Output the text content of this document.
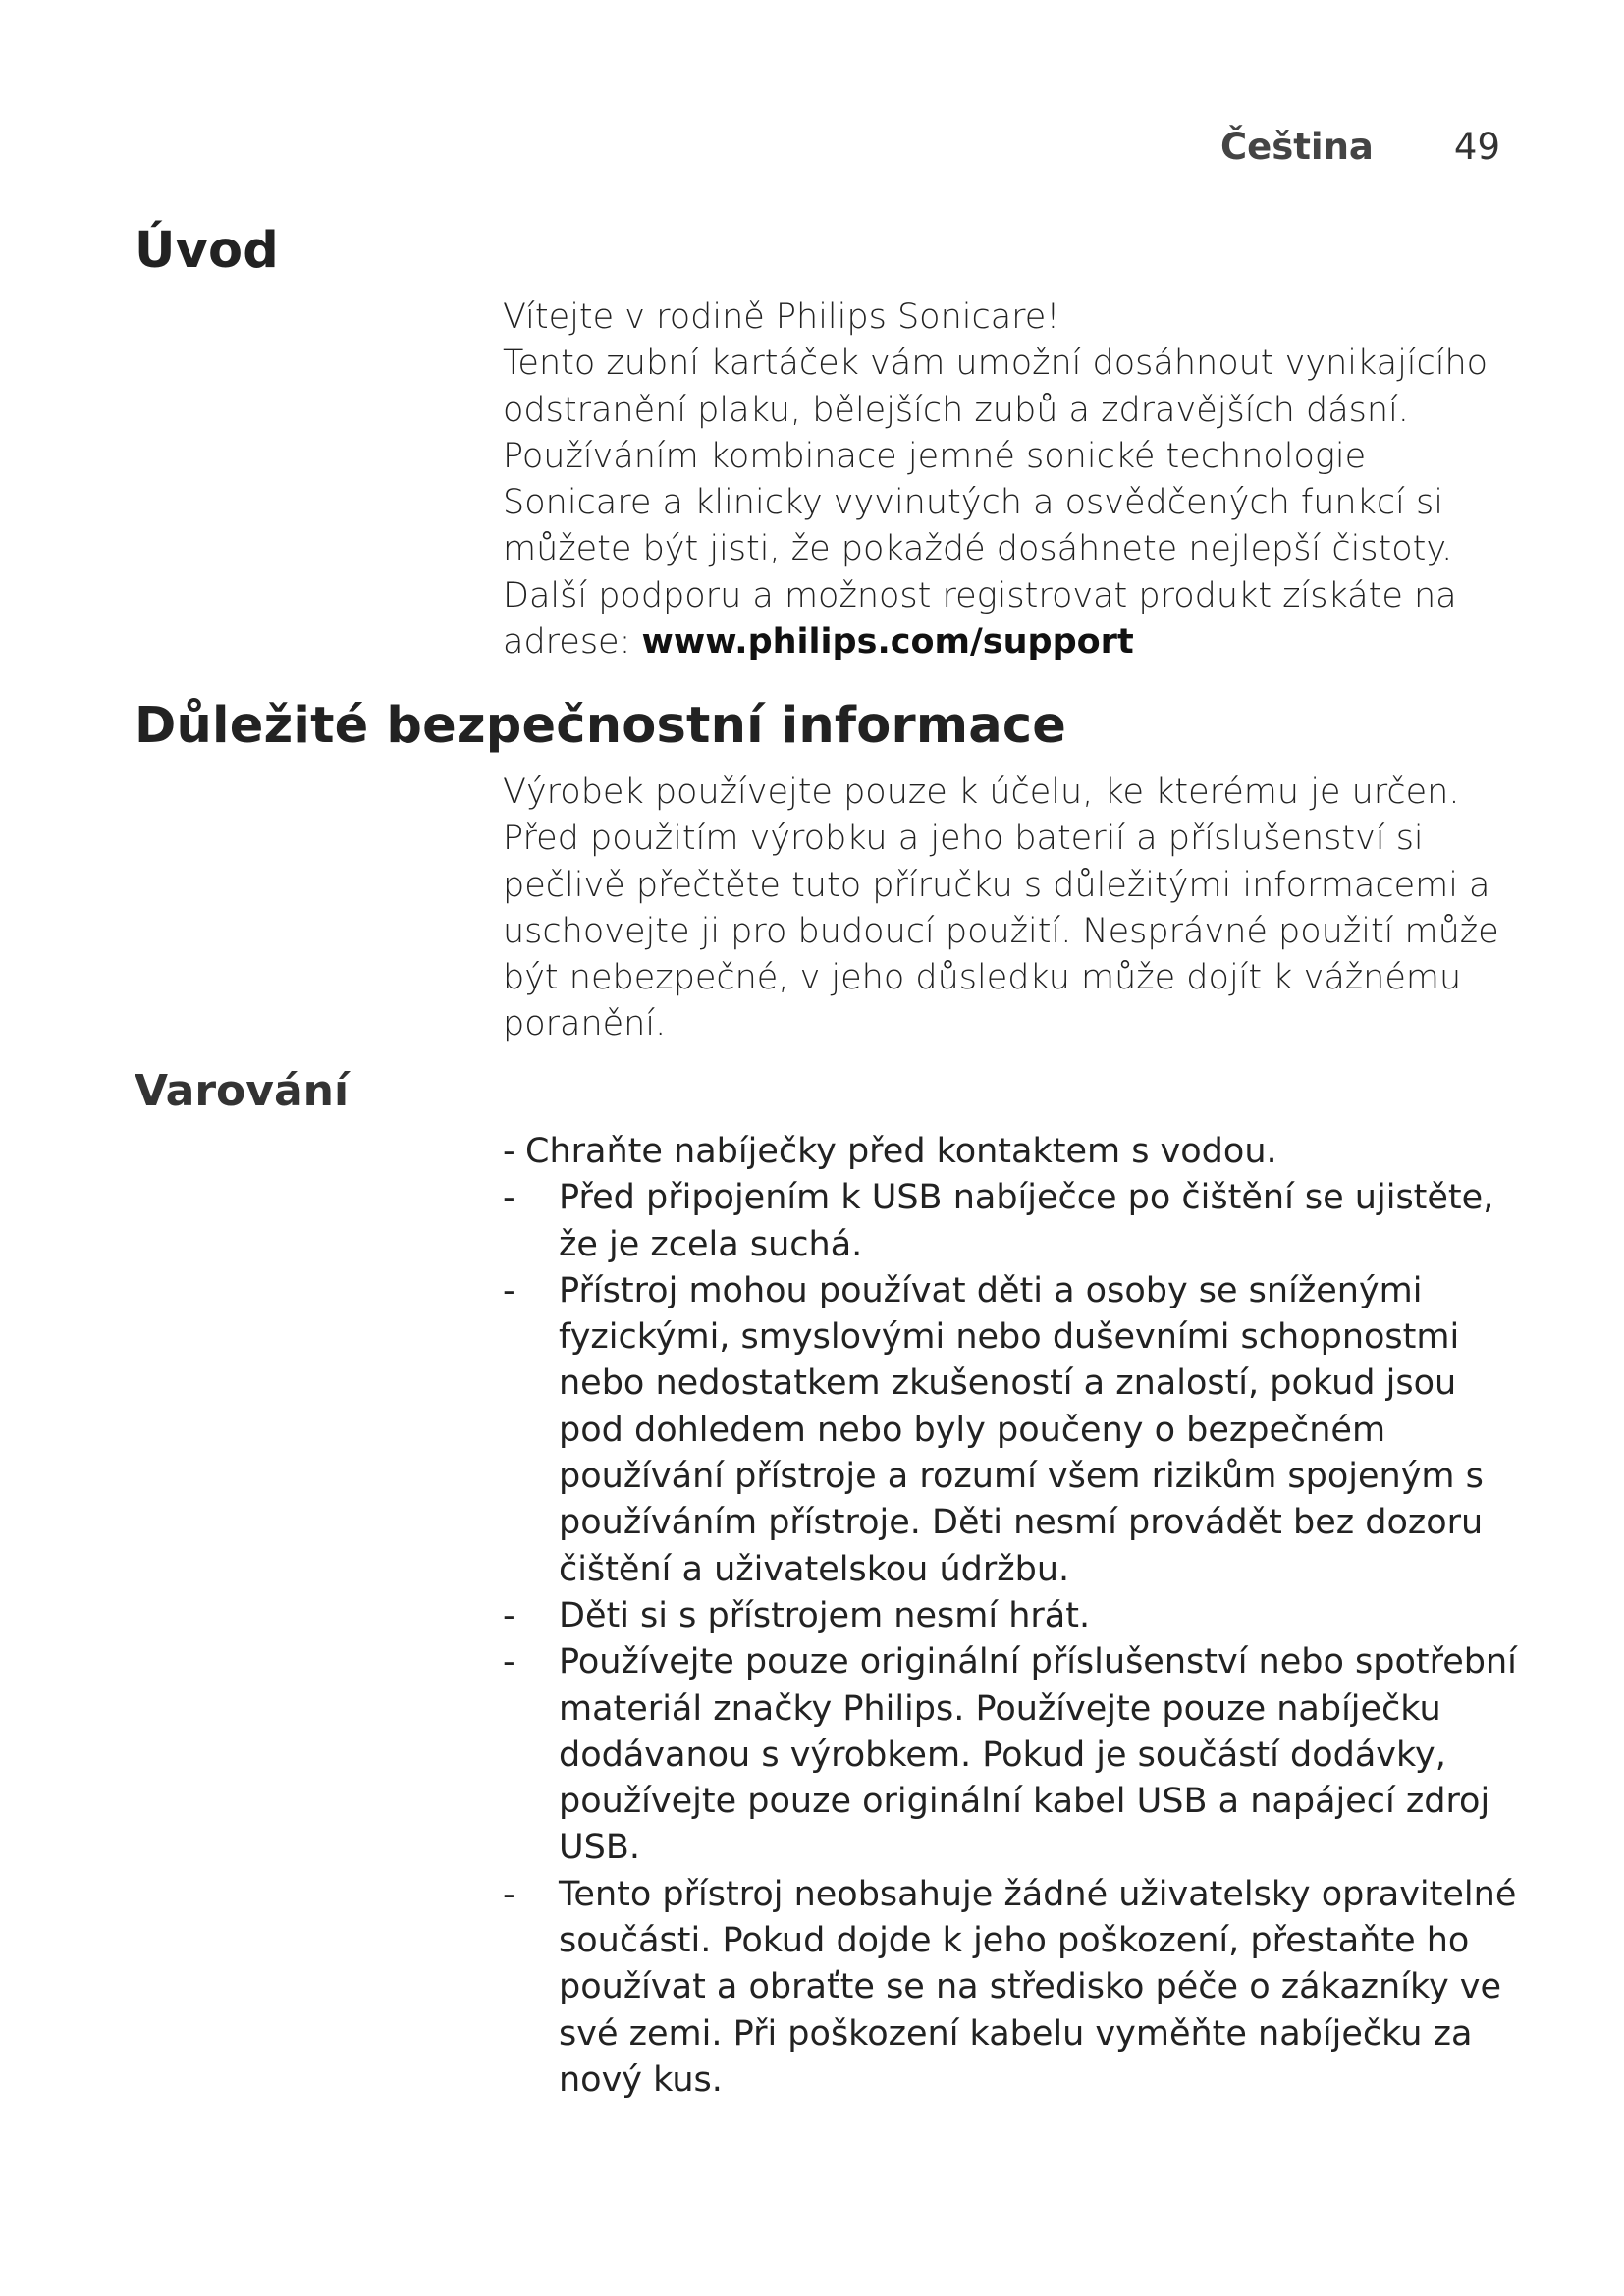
Čeština 49
Úvod

Vítejte v rodině Philips Sonicare!

Tento zubní kartáček vám umožní dosáhnout vynikajícího odstranění plaku, bělejších zubů a zdravějších dásní. Používáním kombinace jemné sonické technologie Sonicare a klinicky vyvinutých a osvědčených funkcí si můžete být jisti, že pokaždé dosáhnete nejlepší čistoty. Další podporu a možnost registrovat produkt získáte na adrese: www.philips.com/support

Důležité bezpečnostní informace

Výrobek používejte pouze k účelu, ke kterému je určen. Před použitím výrobku a jeho baterií a příslušenství si pečlivě přečtěte tuto příručku s důležitými informacemi a uschovejte ji pro budoucí použití. Nesprávné použití může být nebezpečné, v jeho důsledku může dojít k vážnému poranění.

Varování
- Chraňte nabíječky před kontaktem s vodou.
- Před připojením k USB nabíječce po čištění se ujistěte, že je zcela suchá.
- Přístroj mohou používat děti a osoby se sníženými fyzickými, smyslovými nebo duševními schopnostmi nebo nedostatkem zkušeností a znalostí, pokud jsou pod dohledem nebo byly poučeny o bezpečném používání přístroje a rozumí všem rizikům spojeným s používáním přístroje. Děti nesmí provádět bez dozoru čištění a uživatelskou údržbu.
- Děti si s přístrojem nesmí hrát.
- Používejte pouze originální příslušenství nebo spotřební materiál značky Philips. Používejte pouze nabíječku dodávanou s výrobkem. Pokud je součástí dodávky, používejte pouze originální kabel USB a napájecí zdroj USB.
- Tento přístroj neobsahuje žádné uživatelsky opravitelné součásti. Pokud dojde k jeho poškození, přestaňte ho používat a obraťte se na středisko péče o zákazníky ve své zemi. Při poškození kabelu vyměňte nabíječku za nový kus.
